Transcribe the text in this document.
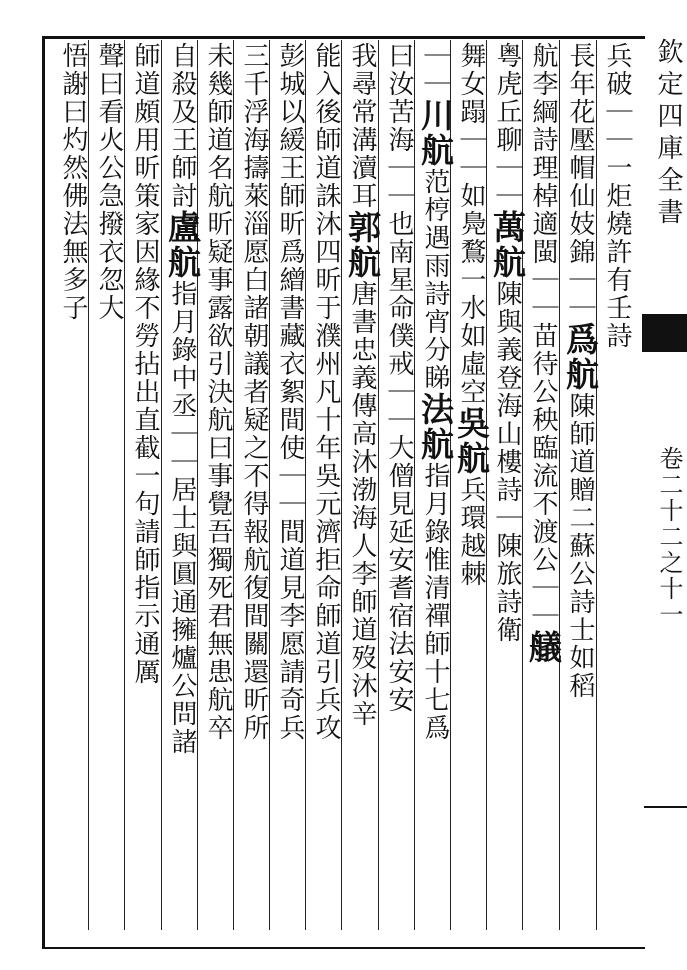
兵破｜｜一炬燒許有壬詩
長年花壓帽仙妓錦｜｜爲航陳師道贈二蘇公詩士如稻
航李綱詩理棹適閩｜｜苗待公秧臨流不渡公｜｜艤
粤虎丘聊｜｜萬航陳與義登海山樓詩｜陳旅詩衛
舞女蹋｜｜如鳧鶩一水如虛空吳航兵環越棘
｜｜川航范梈遇雨詩宵分睇法航指月錄惟清禪師十七爲
曰汝苦海｜｜也南星命僕戒｜｜大僧見延安耆宿法安安
我尋常溝瀆耳郭航唐書忠義傳高沐渤海人李師道歿沐辛
能入後師道誅沐四昕于濮州凡十年吳元濟拒命師道引兵攻
彭城以緩王師昕爲繒書藏衣絮間使｜｜間道見李愿請奇兵
三千浮海擣萊淄愿白諸朝議者疑之不得報航復間關還昕所
未幾師道名航昕疑事露欲引決航曰事覺吾獨死君無患航卒
自殺及王師討盧航指月錄中丞｜｜居士與圓通擁爐公問諸
師道頗用昕策家因緣不勞拈出直截一句請師指示通厲
聲曰看火公急撥衣忽大
悟謝曰灼然佛法無多子	欽定四庫全書
卷二十二之十一
